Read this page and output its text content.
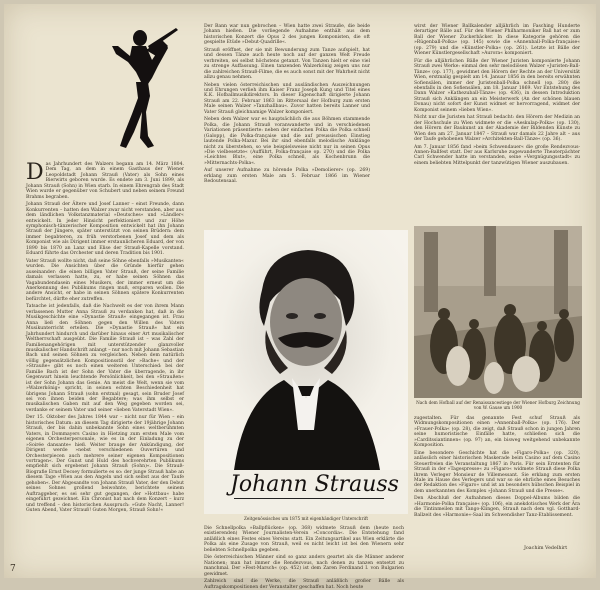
D as Jahrhundert des Walzers begann am 14. März 1804. Dem Tag, an dem in einem Gasthaus der Wiener Leopoldstadt Johann Strauß (Vater) als Sohn eines Bierwirts geboren wurde. Es endete am 3. Juni 1899, als Johann Strauß (Sohn) in Wien starb. In einem Ehrengrab des Stadt Wien wurde er gegenüber von Schubert und neben seinem Freund Brahms begraben.

Johann Strauß der Ältere und Josef Lanner – einst Freunde, dann Konkurrenten – hatten den Walzer zwar nicht verstanden, aber aus dem ländlichen Volkstanzmaterial »Deutsches« und »Ländler« entwickelt. In jeder Hinsicht perfektioniert und zur Höhe symphonisch-tänzerischer Komposition entwickelt hat ihn Johann Strauß der Jüngere, später unterstützt von seinen Brüdern: dem immer begabteren, zu früh verstorbenen Josef und dem als Komponist wie als Dirigent immer erstaunlicheren Eduard, der von 1890 bis 1870 an Lanz und Elise der Strauß-Kapelle vorstand. Eduard führte das Orchester und deren Tradition bis 1901.

Vater Strauß wollte nicht, daß seine Söhne ebenfalls »Musikanten« wurden. Die Ansichten über die Gründe hierfür gehen auseinander: die einen billigen Vater Strauß, der seine Familie damals verlassen hatte, zu, er habe seinen Söhnen das Vagabundendasein eines Musikers, der immer erneut um die Anerkennung des Publikums ringen muß, ersparen wollen. Die andere Ansicht, er habe in seinen Söhnen spätere Konkurrenten befürchtet, dürfte eher zutreffen.

Tatsache ist jedenfalls, daß die Nachwelt es der von ihrem Mann verlassenen Mutter Anna Strauß zu verdanken hat, daß in die Musikgeschichte eine »Dynastie Strauß« eingegangen ist. Frau Anna ließ den Söhnen gegen den Willen des Vaters Musikunterricht erteilen. Die »Dynastie Strauß« hat ein Jahrhundert hindurch und darüber hinaus einer Art musikalischer Weltherrschaft ausgeübt. Die Familie Strauß ist – was Zahl der Familienangehörigen mit unterstützender glanzvoller musikalischer Handschrift anlangt – nur noch mit Johann Sebastian Bach und seinen Söhnen zu vergleichen. Neben dem natürlich völlig gegensätzlichen Kompositionsstil der »Bache« und der »Strauße« gibt es noch einen weiteren Unterschied: bei der Familie Bach ist der Sohn der Vater die überragende, in ihr Gegenwart hinein leuchtende Persönlichkeit, bei den »Straußen« ist der Sohn Johann das Genie. An meist die Welt, wenn sie vom »Walzerkönig« spricht, in seinen echten Beschiedenheit hat übrigens Johann Strauß (sohn erstmal) gesagt, sein Bruder Josef sei von ihnen beiden der Begabtere; was ihm selbst er musikalischen Gaben mit auf den Weg gegeben worden sei, verdanke er seinem Vater und seiner »lieben Vaterstadt Wien«.

Der 15. Oktober des Jahres 1844 war – nicht nur für Wien – ein historisches Datum: an diesem Tag dirigierte der 19jährige Johann Strauß, der bis dahin unbekannte Sohn eines weltberühmten Vaters, in Dommayers Casino in Hietzing zum ersten Male vom eigenen Orchesterpersonale, wie es in der Einladung zu der »Soirée dansante« hieß. Weiter brauge der Ankündigung, der Dirigent werde »nebst verschiedenen Ouvertüren und Orchesterpiecen auch mehrere seiner eigenen Kompositionen vortragen«. Der Gunst und Huld des hochverehrten Publikums empfiehlt sich ergebenst Johann Strauß (Sohn)«. Die Strauß-Biografie Ernst Decsey formulierte es so: der junge Strauß habe an diesem Tage »Wien aus den Angeln und sich selbst aus der Taufe gehoben«. Der Abgesandte von Johann Strauß Vater, der den Debut seines Sohnes grollend beiwohnte, berichtete seinem Auftraggeber, es sei sehr gut gegangen, der »Hottbau« habe eingeführt gezeichnet. Ein Chronist hat nach dem Konzert – kurz und treffend – den historischen Ausspruch: »Gute Nacht, Lanner! Guten Abend, Vater Strauß! Guten Morgen, Strauß Sohn!«

Der Bann war nun gebrochen – Wien hatte zwei Strauße, die beide Johann hießen. Die vorliegende Aufnahme enthält aus dem historischen Konzert die Opus 2 des jungen Komponisten, die oft gespielte Etüde »Debut-Quadrille«.

Strauß eröffnet, der sie mit Bewunderung zum Tanze aufspielt, hat und dessen Tänze auch heute noch auf der ganzen Welt Freude verbreiten, sei selbst höchstens getanzt. Von Tanzen hielt er eine viel zu strenge Auffassung. Einen tanzenden Walzerkönig zeigen uns nur die zahlreichen Strauß-Filme, die es auch sonst mit der Wahrheit nicht allzu genau nehmen.

Neben vielen österreichischen und ausländischen Auszeichnungen und Ehrungen verlieh ihm Kaiser Franz Joseph Kung und Titel eines K.K. Hofballmusikdirektors. In dieser Eigenschaft dirigierte Johann Strauß am 22. Februar 1863 im Rittersaal der Hofburg zum ersten Male seinen Walzer »Tanzhallbau«. Zuvor hatten bereits Lanner und Vater Strauß gleichnamige Walzer komponiert.

Neben dem Walzer war es hauptsächlich die aus Böhmen stammende Polka, die Johann Strauß voranwanderte und in verschiedenen Variationen präsentierte: neben der einfachen Polka die Polka schnell (Galopp), die Polka-française und die auf preussischen Einstieg lautende Polka-Mazur. Bei ihr sind ebenfalls melodische Anklänge nicht zu überstehen, so wie beispielsweise nicht nur in seinen Opus »Die vielbesetzte« (Aufführt, Polka-française op. 270) und die Polka »Leichtes Blut«, eine Polka schnell, als Kochenbrunn die »Mitternachts-Polka«.

Auf unserer Aufnahme zu hörende Polka »Demolierer« (op. 269) erklang zum ersten Male am 5. Februar 1866 im Wiener Redoutensaal.

Johann Strauss
Zeitgenössisches um 1875 mit eigenhändiger Unterschrift

Die Schnellpolka »Ballpflücken« (op. 368) widmete Strauß dem (heute noch existierenden) Wiener Journalisten-Verein »Concordia«. Die Entstehung fand anläßlich eines Festes eines Vereins statt. Ein Zeitungsartikel aus Wien erklärte die Polka als eine Zusage von Strauß, weil es nicht leicht ist bei den Wienern sehr beliebten Schnellpolka gegeben.

Die österreichischen Männer sind so ganz anders geartet als die Männer anderer Nationen; man hat immer die Rendezvous, nach denen zu tanzen entsetzt zu manchmal. Der »Fest-Marsch« (op. 452) ist dem Zaren Ferdinand I. von Bulgarien gewidmet.

Zahlreich sind die Werke, die Strauß anläßlich großer Bälle als Auftragskompositionen der Veranstalter geschaffen hat. Noch heute

wirst der Wiener Ballkalender alljährlich im Fasching Hunderte derartiger Bälle auf. Für den Wiener Philharmoniker Ball hat er zum Ball der Wiener Zuckerbäcker. In diese Kategorie gehören die »Rügenball-Polka« (op. 145) sowie die »Annenball-Polka-française« (op. 279) und die »Künstler-Polka« (op. 261). Letzte ist Bälle der Wiener Künstlergesellschaft »Aurora« komponiert.

Für die alljährlichen Bälle der Wiener Juristen komponierte Johann Strauß zwei Werke: einmal den sehr melodiösen Walzer »Juristen-Ball-Tänze« (op. 177), gewidmet den Hörern der Rechte an der Universität Wien, erstmalig gespielt am 14. Januar 1856 in den bereits erwähnten Sofiensälen, immer der Juristenball-Polka schnell (op. 280) die ebenfalls in den Sofiensälen, am 18. Januar 1869. Vor Entstehung des Dann Walzer »Kathezuball-Tänze« (op. 436), in dessen Introduktion Strauß sich Anklängen an ein Meisterwerk (An der schönen blauen Donau) nicht sofort der Kunst widmet er hervorragend, widmet der Komponist seinem »lieben Wien«.

Nicht nur die Juristen hat Strauß bedacht: den Hörern der Medizin an der Hochschule zu Wien widmete er die »Aeskulap-Polka« (op. 130), den Hörern der Baukunst an der Akademie der Bildenden Künste zu Wien den am 27. Januar 1847 – Strauß war damals 22 Jahre alt – aus der Taufe gehobenen Walzer »Architekten-Ball-Tänze« (op. 36).

Am 7. Januar 1856 fand »beim Schwendauer« die große Rendezvous-Annen-Ballfest statt. Der aus Karlsruhe zugewanderte Theaterpächter Carl Schwender hatte im verstanden, seine »Vergnügungsstadt« zu einem beliebten Mittelpunkt der tanzwütigen Wiener auszubauen.

Nach dem Hofball auf der Renaissancestiege der Wiener Hofburg Zeichnung von W. Gause um 1900

zugestalten. Für das genannte Fest schuf Strauß als Widmungskompositionen einen »Annenball-Polka« (op. 176). Der »Frauer-Polka« (op. 28), die zeigt, daß Strauß schon in jungen Jahren seine humoristische Einfälle hatte, schließen sich die »Carditssiantinnen« (op. 97) an, ein bisweg weitgehend unbekannte Komposition.

Eine besondere Geschichte hat die »Figaro-Polka« (op. 320), anlässlich einer historischen Maskerade beim Casino auf dem Casino Steuerfreien die Veranstaltung 1867 in Paris. Für sein Erntenten für Strauß in der »Tagespresse« zu »Figaro« widmete Strauß diese Polka ihrem Verleger Monsieur de Villemessant. Sie erklang zum ersten Male im Hause des Verlegers und war so sie ehrliche eines Besuches der Redaktion des »Figaro« und ist an besonders hübschen Beispiel in dem unerkannten des Komplex »Johann Strauß und die Presse«.

Den Abschluß der Aufnahmen dieses Doppel-Albums bilden die »Harmonie-Polka française« (op. 106), ein anekdotisches Werk der Ära die Tintinmeilen mit Tango-Klingen, Strauß nach dem vgl. Gotthard-Ballzeit des »Harmonie«-Saal im Schwendisher Tanz-Etablissement.

Joachim Vedelhirt
7
